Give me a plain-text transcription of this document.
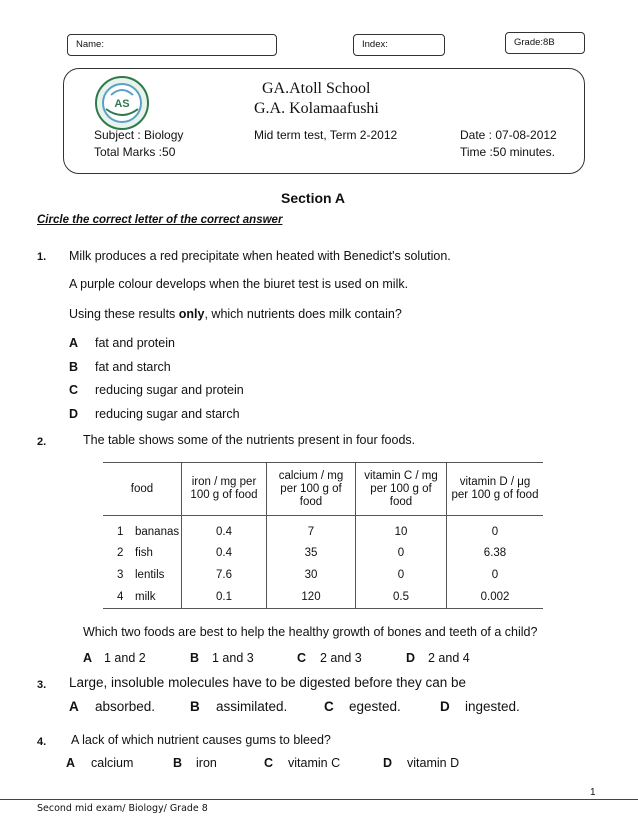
Name:	Index:	Grade:8B
AS
GA.Atoll School
G.A. Kolamaafushi
Subject : Biology
Total Marks :50
Mid term test, Term 2-2012	Date : 07-08-2012
Time :50 minutes.
Section A
Circle the correct letter of the correct answer
1. Milk produces a red precipitate when heated with Benedict's solution.
A purple colour develops when the biuret test is used on milk.
Using these results only, which nutrients does milk contain?
A fat and protein
B fat and starch
C reducing sugar and protein
D reducing sugar and starch
2.	The table shows some of the nutrients present in four foods.
food		iron / mg per 100 g of food	calcium / mg per 100 g of food	vitamin C / mg per 100 g of food	vitamin D / μg per 100 g of food
1	bananas	0.4	7	10	0
2	fish	0.4	35	0	6.38
3	lentils	7.6	30	0	0
4	milk	0.1	120	0.5	0.002
Which two foods are best to help the healthy growth of bones and teeth of a child?
A 1 and 2	B 1 and 3	C 2 and 3	D 2 and 4
3. Large, insoluble molecules have to be digested before they can be
A absorbed.	B assimilated.	C egested.	D ingested.
4. A lack of which nutrient causes gums to bleed?
A calcium	B iron	C vitamin C	D vitamin D
1
Second mid exam/ Biology/ Grade 8
